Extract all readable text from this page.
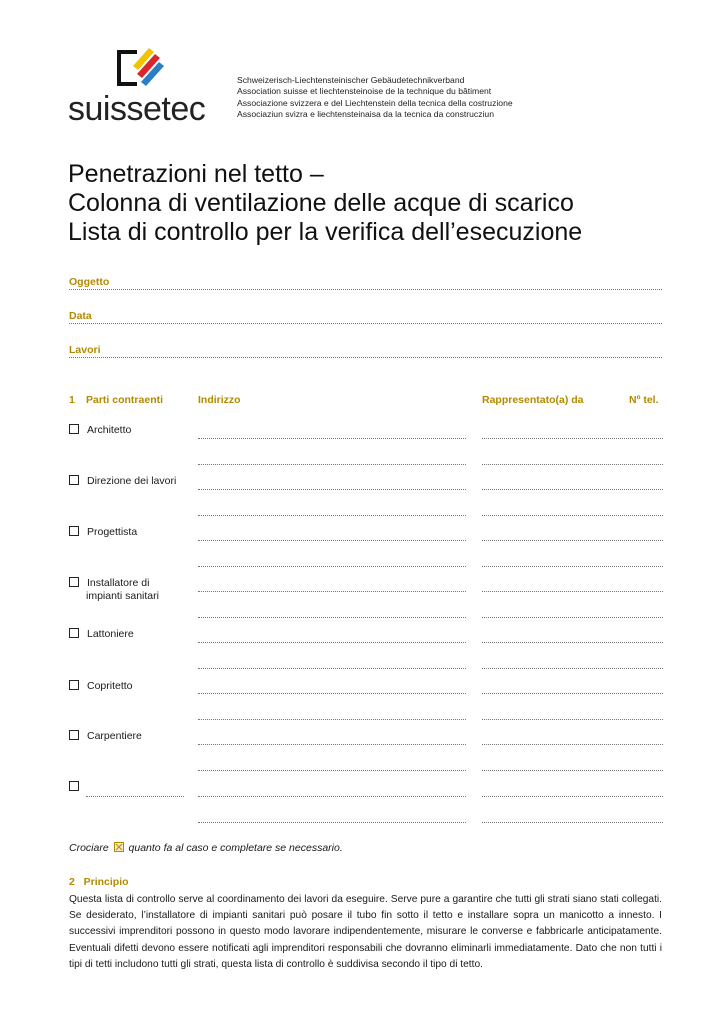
suissetec
Schweizerisch-Liechtensteinischer Gebäudetechnikverband
Association suisse et liechtensteinoise de la technique du bâtiment
Associazione svizzera e del Liechtenstein della tecnica della costruzione
Associaziun svizra e liechtensteinaisa da la tecnica da construcziun
Penetrazioni nel tetto –
Colonna di ventilazione delle acque di scarico
Lista di controllo per la verifica dell’esecuzione
Oggetto
Data
Lavori
1 Parti contraenti	Indirizzo	Rappresentato(a) da	Nº tel.
Architetto
Direzione dei lavori
Progettista
Installatore di
impianti sanitari
Lattoniere
Copritetto
Carpentiere
Crociare quanto fa al caso e completare se necessario.
2 Principio
Questa lista di controllo serve al coordinamento dei lavori da eseguire. Serve pure a garantire che tutti gli strati siano stati collegati. Se desiderato, l’installatore di impianti sanitari può posare il tubo fin sotto il tetto e installare sopra un manicotto a innesto. I successivi imprenditori possono in questo modo lavorare indipendentemente, misurare le converse e fabbricarle anticipatamente. Eventuali difetti devono essere notificati agli imprenditori responsabili che dovranno eliminarli immediatamente. Dato che non tutti i tipi di tetti includono tutti gli strati, questa lista di controllo è suddivisa secondo il tipo di tetto.
